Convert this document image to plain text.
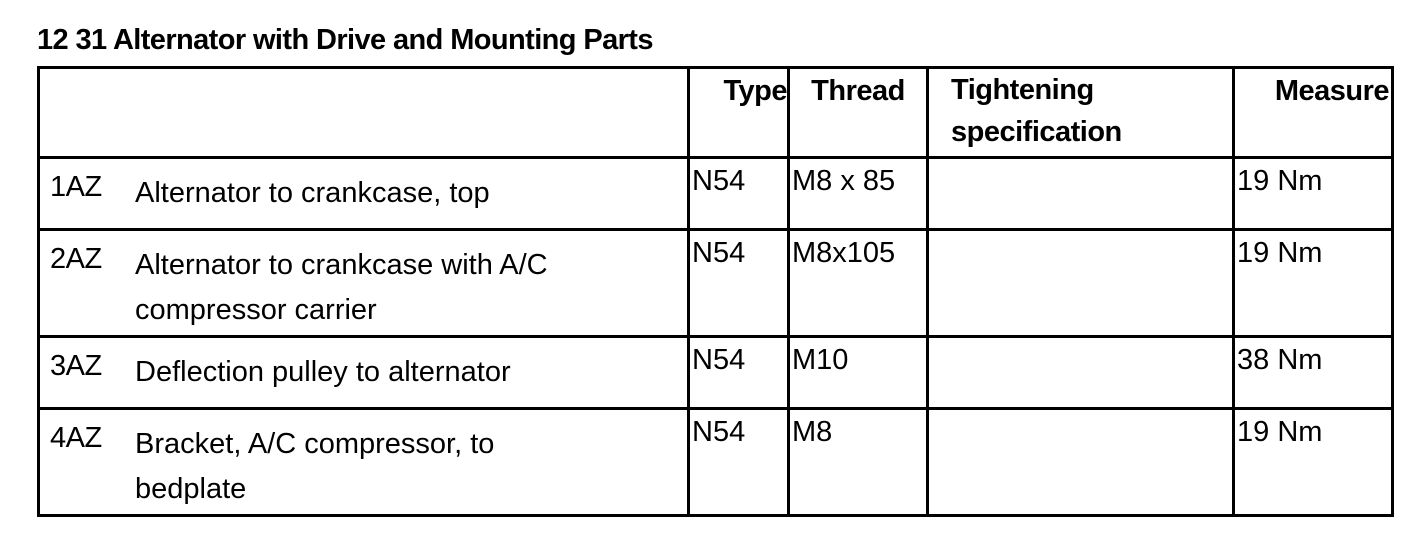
12 31 Alternator with Drive and Mounting Parts
	Type	Thread	Tightening
specification	Measure

1AZ Alternator to crankcase, top	N54	M8 x 85		19 Nm

2AZ Alternator to crankcase with A/C
compressor carrier	N54	M8x105		19 Nm

3AZ Deflection pulley to alternator	N54	M10		38 Nm

4AZ Bracket, A/C compressor, to
bedplate	N54	M8		19 Nm
